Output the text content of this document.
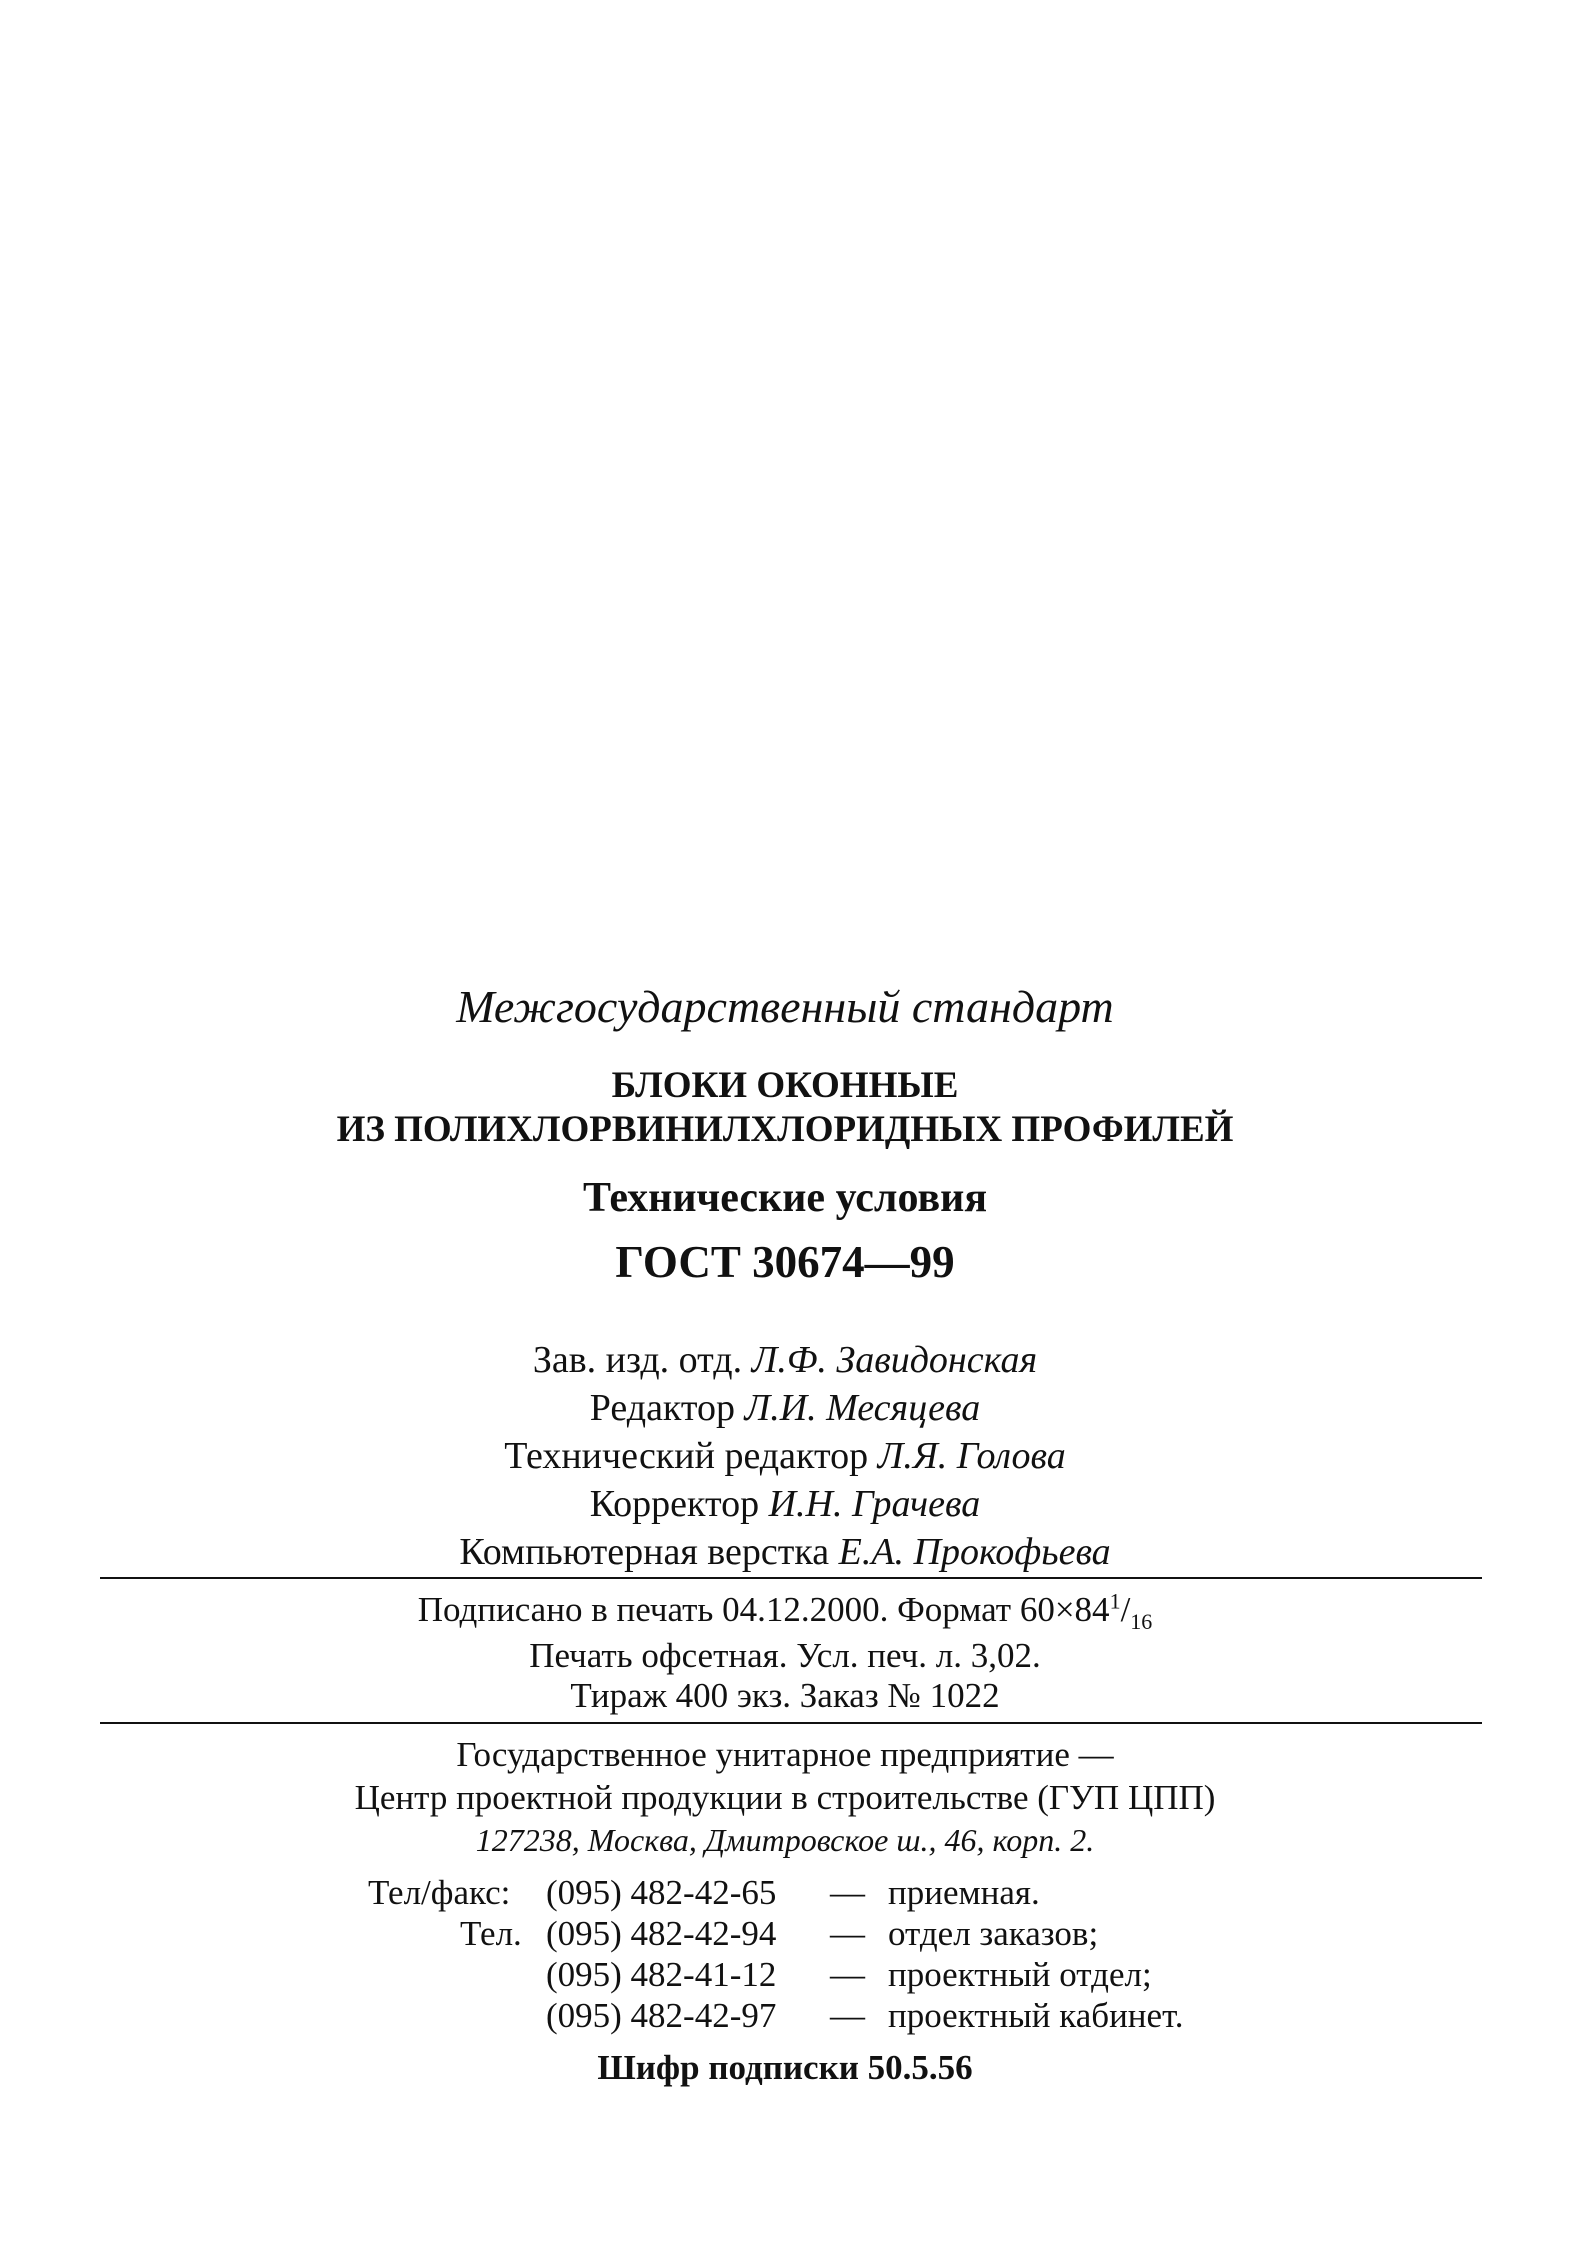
Межгосударственный стандарт
БЛОКИ ОКОННЫЕ
ИЗ ПОЛИХЛОРВИНИЛХЛОРИДНЫХ ПРОФИЛЕЙ
Технические условия
ГОСТ 30674—99
Зав. изд. отд. Л.Ф. Завидонская
Редактор Л.И. Месяцева
Технический редактор Л.Я. Голова
Корректор И.Н. Грачева
Компьютерная верстка Е.А. Прокофьева
Подписано в печать 04.12.2000. Формат $60\times 84^1/_{16}$
Печать офсетная. Усл. печ. л. 3,02.
Тираж 400 экз. Заказ № 1022
Государственное унитарное предприятие —
Центр проектной продукции в строительстве (ГУП ЦПП)
127238, Москва, Дмитровское ш., 46, корп. 2.
Тел/факс: (095) 482-42-65 — приемная.
Тел. (095) 482-42-94 — отдел заказов;
(095) 482-41-12 — проектный отдел;
(095) 482-42-97 — проектный кабинет.
Шифр подписки 50.5.56
